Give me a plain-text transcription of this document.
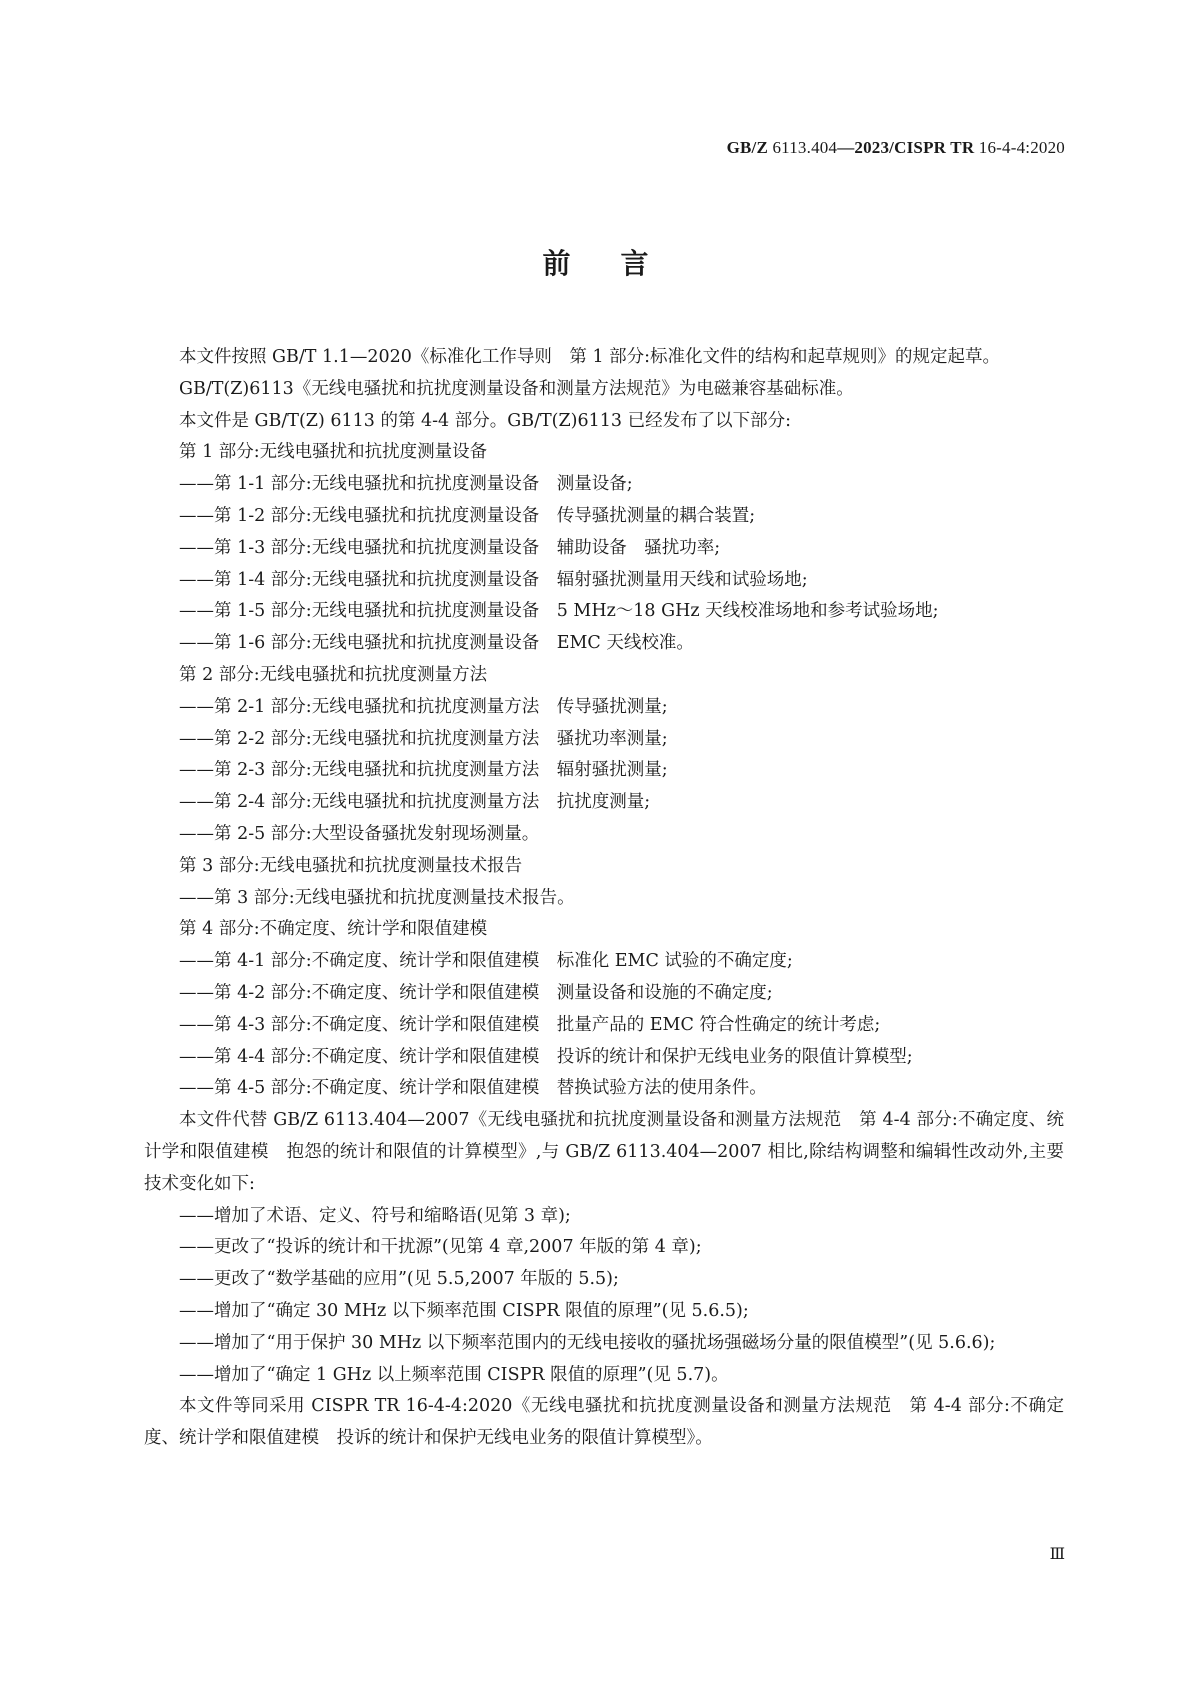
GB/Z 6113.404—2023/CISPR TR 16-4-4:2020
前言
本文件按照 GB/T 1.1—2020《标准化工作导则　第 1 部分:标准化文件的结构和起草规则》的规定起草。
GB/T(Z)6113《无线电骚扰和抗扰度测量设备和测量方法规范》为电磁兼容基础标准。
本文件是 GB/T(Z) 6113 的第 4-4 部分。GB/T(Z)6113 已经发布了以下部分:
第 1 部分:无线电骚扰和抗扰度测量设备
——第 1-1 部分:无线电骚扰和抗扰度测量设备　测量设备;
——第 1-2 部分:无线电骚扰和抗扰度测量设备　传导骚扰测量的耦合装置;
——第 1-3 部分:无线电骚扰和抗扰度测量设备　辅助设备　骚扰功率;
——第 1-4 部分:无线电骚扰和抗扰度测量设备　辐射骚扰测量用天线和试验场地;
——第 1-5 部分:无线电骚扰和抗扰度测量设备　5 MHz～18 GHz 天线校准场地和参考试验场地;
——第 1-6 部分:无线电骚扰和抗扰度测量设备　EMC 天线校准。
第 2 部分:无线电骚扰和抗扰度测量方法
——第 2-1 部分:无线电骚扰和抗扰度测量方法　传导骚扰测量;
——第 2-2 部分:无线电骚扰和抗扰度测量方法　骚扰功率测量;
——第 2-3 部分:无线电骚扰和抗扰度测量方法　辐射骚扰测量;
——第 2-4 部分:无线电骚扰和抗扰度测量方法　抗扰度测量;
——第 2-5 部分:大型设备骚扰发射现场测量。
第 3 部分:无线电骚扰和抗扰度测量技术报告
——第 3 部分:无线电骚扰和抗扰度测量技术报告。
第 4 部分:不确定度、统计学和限值建模
——第 4-1 部分:不确定度、统计学和限值建模　标准化 EMC 试验的不确定度;
——第 4-2 部分:不确定度、统计学和限值建模　测量设备和设施的不确定度;
——第 4-3 部分:不确定度、统计学和限值建模　批量产品的 EMC 符合性确定的统计考虑;
——第 4-4 部分:不确定度、统计学和限值建模　投诉的统计和保护无线电业务的限值计算模型;
——第 4-5 部分:不确定度、统计学和限值建模　替换试验方法的使用条件。
本文件代替 GB/Z 6113.404—2007《无线电骚扰和抗扰度测量设备和测量方法规范　第 4-4 部分:不确定度、统计学和限值建模　抱怨的统计和限值的计算模型》,与 GB/Z 6113.404—2007 相比,除结构调整和编辑性改动外,主要技术变化如下:
——增加了术语、定义、符号和缩略语(见第 3 章);
——更改了“投诉的统计和干扰源”(见第 4 章,2007 年版的第 4 章);
——更改了“数学基础的应用”(见 5.5,2007 年版的 5.5);
——增加了“确定 30 MHz 以下频率范围 CISPR 限值的原理”(见 5.6.5);
——增加了“用于保护 30 MHz 以下频率范围内的无线电接收的骚扰场强磁场分量的限值模型”(见 5.6.6);
——增加了“确定 1 GHz 以上频率范围 CISPR 限值的原理”(见 5.7)。
本文件等同采用 CISPR TR 16-4-4:2020《无线电骚扰和抗扰度测量设备和测量方法规范　第 4-4 部分:不确定度、统计学和限值建模　投诉的统计和保护无线电业务的限值计算模型》。
Ⅲ
